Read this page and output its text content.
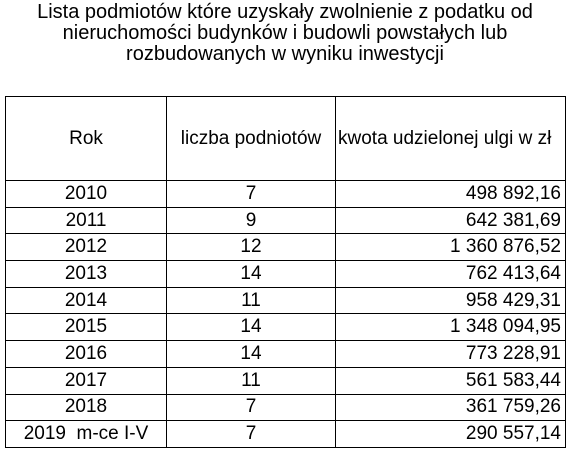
Lista podmiotów które uzyskały zwolnienie z podatku od
nieruchomości budynków i budowli powstałych lub
rozbudowanych w wyniku inwestycji
Rok	liczba podniotów	kwota udzielonej ulgi w zł
2010	7	498 892,16
2011	9	642 381,69
2012	12	1 360 876,52
2013	14	762 413,64
2014	11	958 429,31
2015	14	1 348 094,95
2016	14	773 228,91
2017	11	561 583,44
2018	7	361 759,26
2019  m-ce I-V	7	290 557,14
